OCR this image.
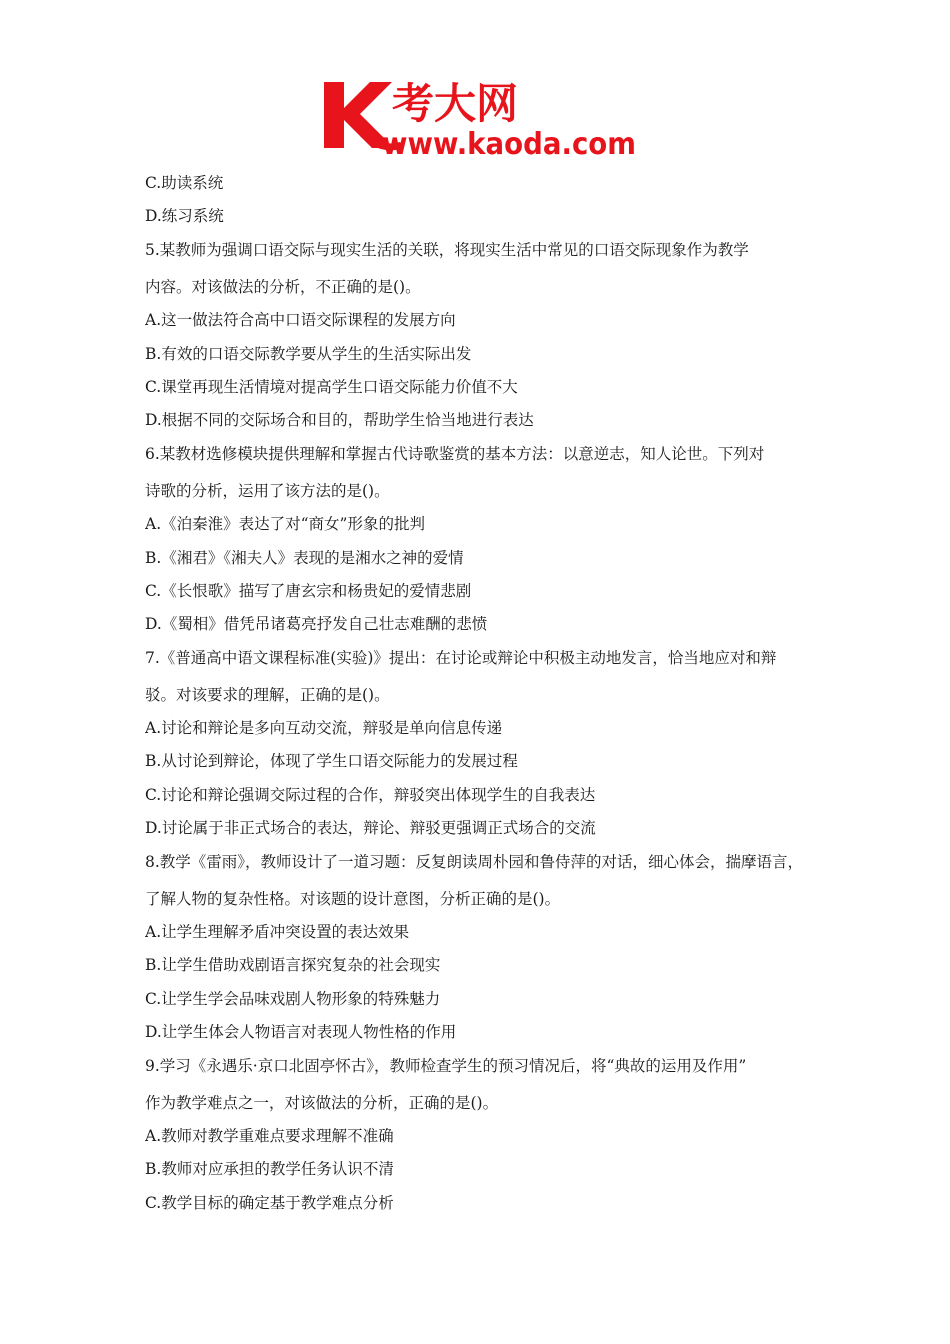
考大网
www.kaoda.com
C.助读系统
D.练习系统
5.某教师为强调口语交际与现实生活的关联，将现实生活中常见的口语交际现象作为教学
内容。对该做法的分析，不正确的是()。
A.这一做法符合高中口语交际课程的发展方向
B.有效的口语交际教学要从学生的生活实际出发
C.课堂再现生活情境对提高学生口语交际能力价值不大
D.根据不同的交际场合和目的，帮助学生恰当地进行表达
6.某教材选修模块提供理解和掌握古代诗歌鉴赏的基本方法：以意逆志，知人论世。下列对
诗歌的分析，运用了该方法的是()。
A.《泊秦淮》表达了对“商女”形象的批判
B.《湘君》《湘夫人》表现的是湘水之神的爱情
C.《长恨歌》描写了唐玄宗和杨贵妃的爱情悲剧
D.《蜀相》借凭吊诸葛亮抒发自己壮志难酬的悲愤
7.《普通高中语文课程标准(实验)》提出：在讨论或辩论中积极主动地发言，恰当地应对和辩
驳。对该要求的理解，正确的是()。
A.讨论和辩论是多向互动交流，辩驳是单向信息传递
B.从讨论到辩论，体现了学生口语交际能力的发展过程
C.讨论和辩论强调交际过程的合作，辩驳突出体现学生的自我表达
D.讨论属于非正式场合的表达，辩论、辩驳更强调正式场合的交流
8.教学《雷雨》，教师设计了一道习题：反复朗读周朴园和鲁侍萍的对话，细心体会，揣摩语言，
了解人物的复杂性格。对该题的设计意图，分析正确的是()。
A.让学生理解矛盾冲突设置的表达效果
B.让学生借助戏剧语言探究复杂的社会现实
C.让学生学会品味戏剧人物形象的特殊魅力
D.让学生体会人物语言对表现人物性格的作用
9.学习《永遇乐·京口北固亭怀古》，教师检查学生的预习情况后，将“典故的运用及作用”
作为教学难点之一，对该做法的分析，正确的是()。
A.教师对教学重难点要求理解不准确
B.教师对应承担的教学任务认识不清
C.教学目标的确定基于教学难点分析
